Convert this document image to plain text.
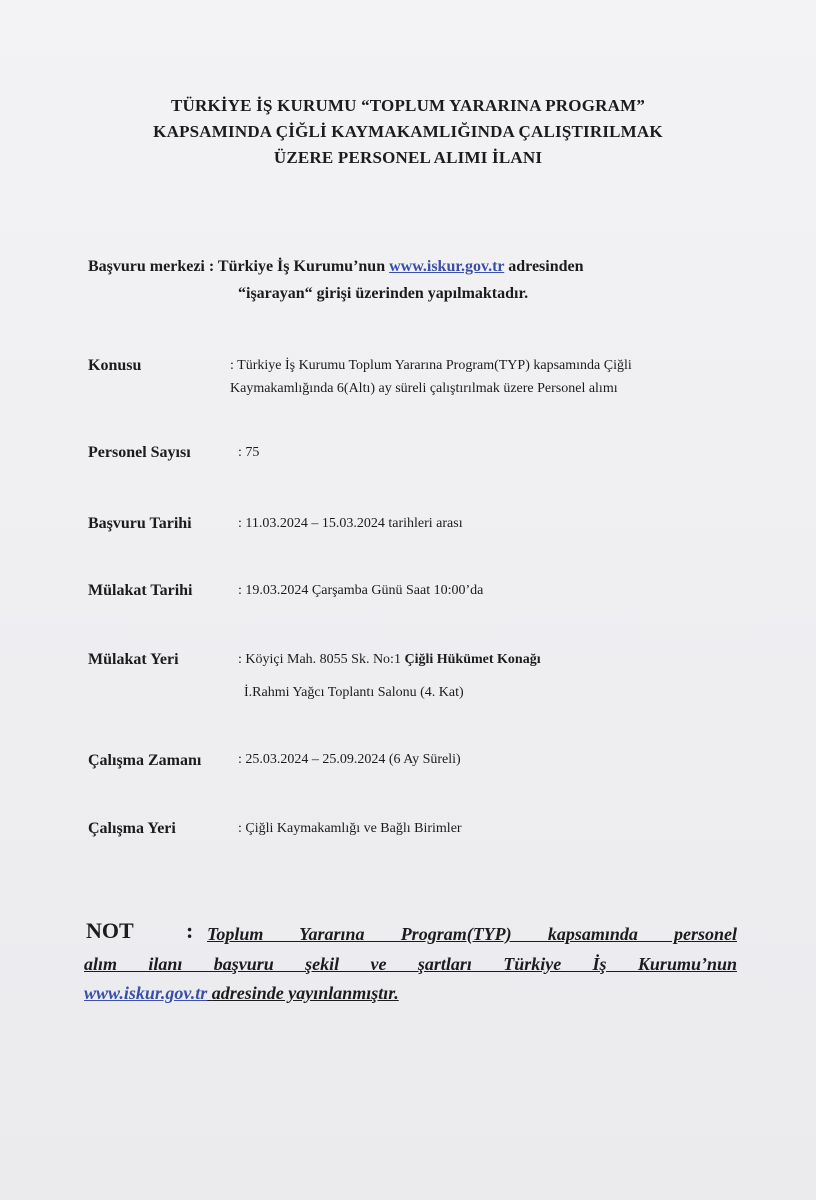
TÜRKİYE İŞ KURUMU “TOPLUM YARARINA PROGRAM”
KAPSAMINDA ÇİĞLİ KAYMAKAMLIĞINDA ÇALIŞTIRILMAK
ÜZERE PERSONEL ALIMI İLANI
Başvuru merkezi : Türkiye İş Kurumu’nun www.iskur.gov.tr adresinden
“işarayan“ girişi üzerinden yapılmaktadır.
Konusu	: Türkiye İş Kurumu Toplum Yararına Program(TYP) kapsamında Çiğli
Kaymakamlığında 6(Altı) ay süreli çalıştırılmak üzere Personel alımı
Personel Sayısı	: 75
Başvuru Tarihi	: 11.03.2024 – 15.03.2024 tarihleri arası
Mülakat Tarihi	: 19.03.2024 Çarşamba Günü Saat 10:00’da
Mülakat Yeri	: Köyiçi Mah. 8055 Sk. No:1 Çiğli Hükümet Konağı
İ.Rahmi Yağcı Toplantı Salonu (4. Kat)
Çalışma Zamanı	: 25.03.2024 – 25.09.2024 (6 Ay Süreli)
Çalışma Yeri	: Çiğli Kaymakamlığı ve Bağlı Birimler
NOT : Toplum Yararına Program(TYP) kapsamında personel
alım ilanı başvuru şekil ve şartları Türkiye İş Kurumu’nun
www.iskur.gov.tr adresinde yayınlanmıştır.
